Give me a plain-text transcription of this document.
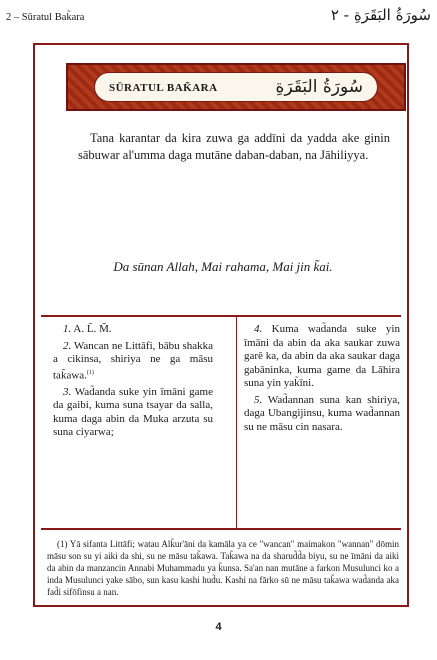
2 – Sūratul Bak̃ara	سُورَةُ البَقَرَةِ - ٢
SŪRATUL BAK̃ARA	سُورَةُ البَقَرَةِ

Tana karantar da kira zuwa ga addīni da yadda ake ginin sābuwar al'umma daga mutāne daban-daban, na Jāhiliyya.

Da sūnan Allah, Mai rahama, Mai jin k̃ai.

1. A. L̃. M̃.

2. Wancan ne Littāfi, bābu shakka a cikinsa, shiriya ne ga māsu tak̃awa.$^{(1)}$

3. Wad̃anda suke yin īmāni game da gaibi, kuma suna tsayar da salla, kuma daga abin da Muka arzuta su suna ciyarwa;

4. Kuma wad̃anda suke yin īmāni da abin da aka saukar zuwa garē ka, da abin da aka saukar daga gabāninka, kuma game da Lāhira suna yin yak̃īni.

5. Wad̃annan suna kan shiriya, daga Ubangijinsu, kuma wad̃annan su ne māsu cin nasara.

(1) Yā sifanta Littāfi; watau Alk̃ur'āni da kamāla ya ce "wancan" maimakon "wannan" dōmin māsu son su yi aiki da shi, su ne māsu tak̃awa. Tak̃awa na da sharud̃d̃a biyu, su ne īmāni da aiki da abin da manzancin Annabi Muhammadu ya k̃unsa. Sa'an nan mutāne a farkon Musulunci ko a inda Musulunci yake sābo, sun kasu kashi hud̃u. Kashi na fārko sū ne māsu tak̃awa wad̃anda aka fad̃i sifōfinsu a nan.

4
